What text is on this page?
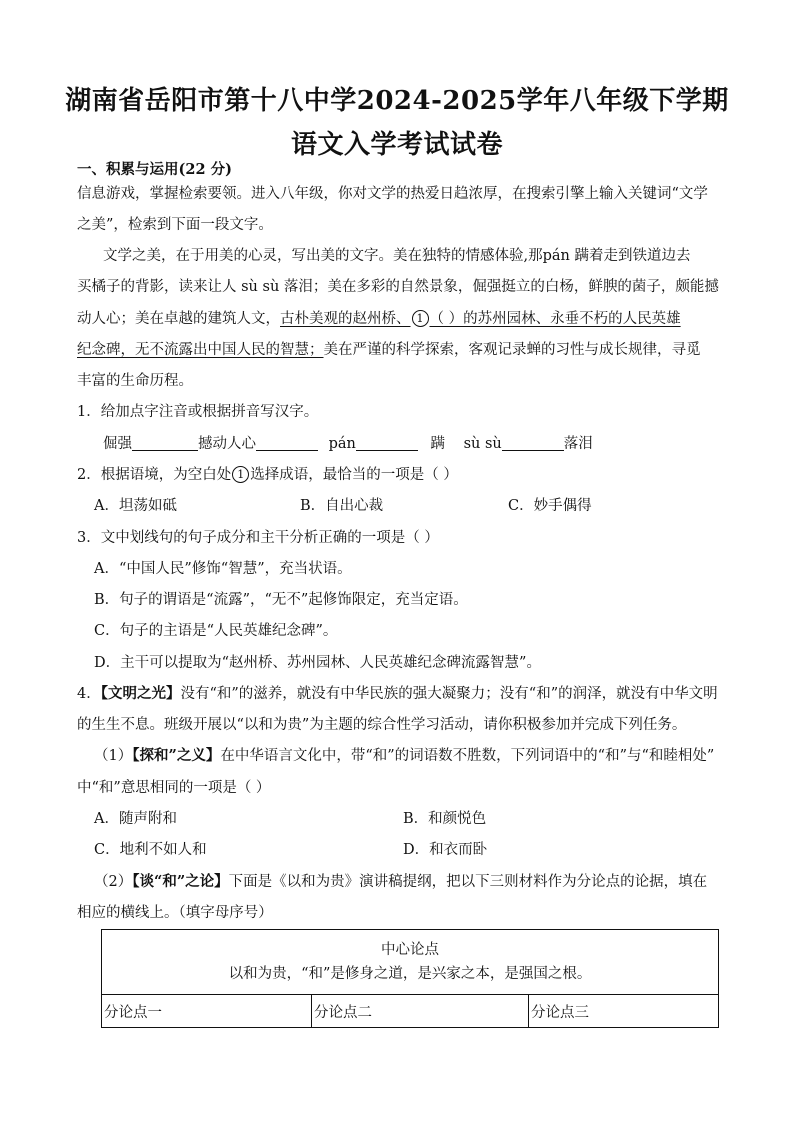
湖南省岳阳市第十八中学2024-2025学年八年级下学期
语文入学考试试卷
一、积累与运用(22 分)
信息游戏，掌握检索要领。进入八年级，你对文学的热爱日趋浓厚，在搜索引擎上输入关键词“文学
之美”，检索到下面一段文字。
文学之美，在于用美的心灵，写出美的文字。美在独特的情感体验,那pán 蹒着走到铁道边去
买橘子的背影，读来让人 sù sù 落泪；美在多彩的自然景象，倔强挺立的白杨，鲜腴的菌子，颇能撼
动人心；美在卓越的建筑人文，古朴美观的赵州桥、 1 （ ）的苏州园林、永垂不朽的人民英雄
纪念碑，无不流露出中国人民的智慧；美在严谨的科学探索，客观记录蝉的习性与成长规律，寻觅
丰富的生命历程。
1．给加点字注音或根据拼音写汉字。
倔强	撼动人心	pán	蹒 sù sù	落泪
2．根据语境，为空白处 1 选择成语，最恰当的一项是（ ）
A．坦荡如砥	B．自出心裁	C．妙手偶得
3．文中划线句的句子成分和主干分析正确的一项是（ ）
A．“中国人民”修饰“智慧”，充当状语。
B．句子的谓语是“流露”，“无不”起修饰限定，充当定语。
C．句子的主语是“人民英雄纪念碑”。
D．主干可以提取为“赵州桥、苏州园林、人民英雄纪念碑流露智慧”。
4．【文明之光】没有“和”的滋养，就没有中华民族的强大凝聚力；没有“和”的润泽，就没有中华文明
的生生不息。班级开展以“以和为贵”为主题的综合性学习活动，请你积极参加并完成下列任务。
（1）【探和”之义】在中华语言文化中，带“和”的词语数不胜数，下列词语中的“和”与“和睦相处”
中“和”意思相同的一项是（ ）
A．随声附和	B．和颜悦色
C．地利不如人和	D．和衣而卧
（2）【谈“和”之论】下面是《以和为贵》演讲稿提纲，把以下三则材料作为分论点的论据，填在
相应的横线上。（填字母序号）
中心论点
以和为贵，“和”是修身之道，是兴家之本，是强国之根。

分论点一	分论点二	分论点三
